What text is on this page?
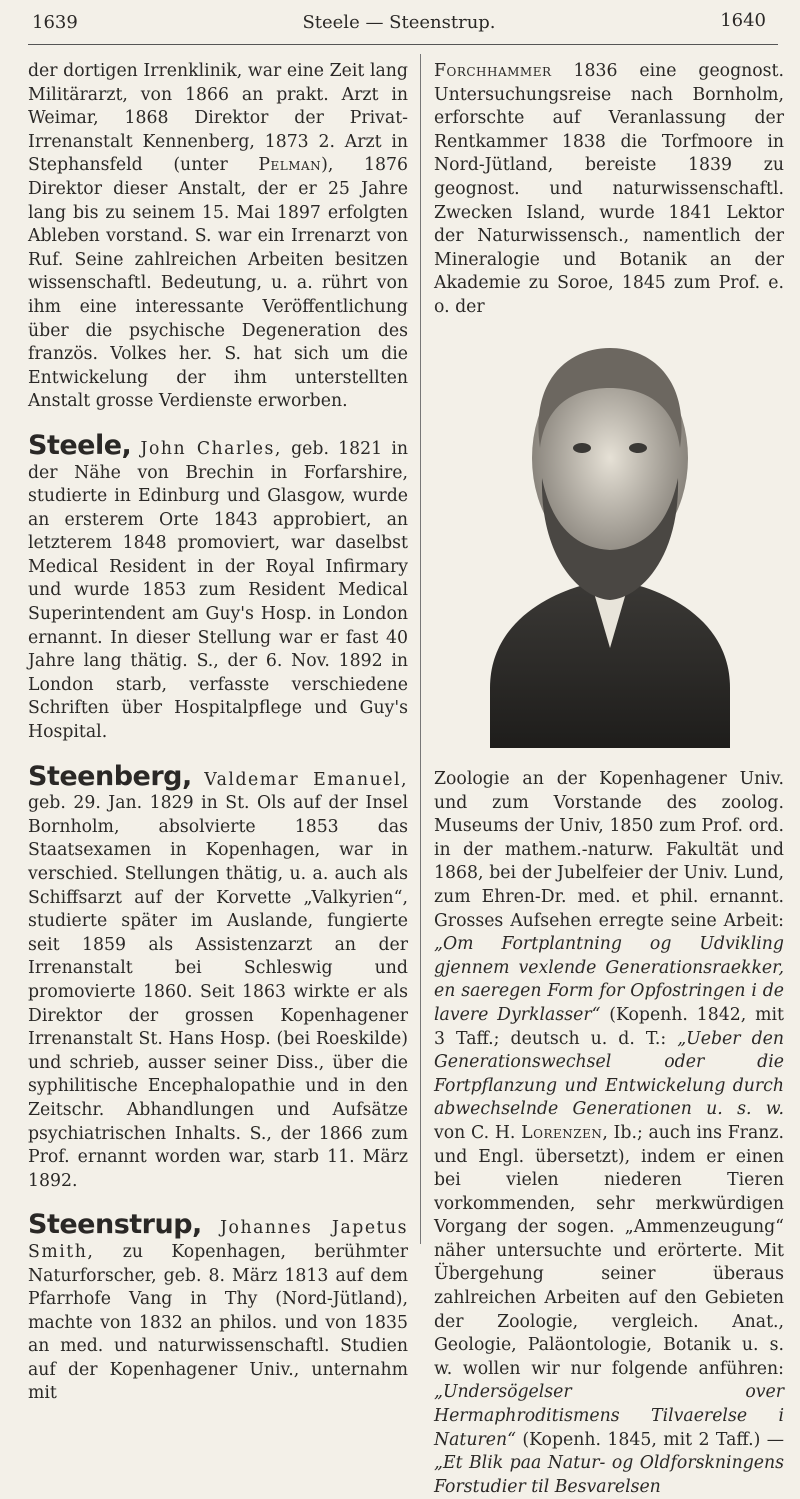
1639	Steele — Steenstrup.	1640

der dortigen Irrenklinik, war eine Zeit lang Militärarzt, von 1866 an prakt. Arzt in Weimar, 1868 Direktor der Privat-Irrenanstalt Kennenberg, 1873 2. Arzt in Stephansfeld (unter Pelman), 1876 Direktor dieser Anstalt, der er 25 Jahre lang bis zu seinem 15. Mai 1897 erfolgten Ableben vorstand. S. war ein Irrenarzt von Ruf. Seine zahlreichen Arbeiten besitzen wissenschaftl. Bedeutung, u. a. rührt von ihm eine interessante Veröffentlichung über die psychische Degeneration des französ. Volkes her. S. hat sich um die Entwickelung der ihm unterstellten Anstalt grosse Verdienste erworben.

Steele, John Charles, geb. 1821 in der Nähe von Brechin in Forfarshire, studierte in Edinburg und Glasgow, wurde an ersterem Orte 1843 approbiert, an letzterem 1848 promoviert, war daselbst Medical Resident in der Royal Infirmary und wurde 1853 zum Resident Medical Superintendent am Guy's Hosp. in London ernannt. In dieser Stellung war er fast 40 Jahre lang thätig. S., der 6. Nov. 1892 in London starb, verfasste verschiedene Schriften über Hospitalpflege und Guy's Hospital.

Steenberg, Valdemar Emanuel, geb. 29. Jan. 1829 in St. Ols auf der Insel Bornholm, absolvierte 1853 das Staatsexamen in Kopenhagen, war in verschied. Stellungen thätig, u. a. auch als Schiffsarzt auf der Korvette „Valkyrien“, studierte später im Auslande, fungierte seit 1859 als Assistenzarzt an der Irrenanstalt bei Schleswig und promovierte 1860. Seit 1863 wirkte er als Direktor der grossen Kopenhagener Irrenanstalt St. Hans Hosp. (bei Roeskilde) und schrieb, ausser seiner Diss., über die syphilitische Encephalopathie und in den Zeitschr. Abhandlungen und Aufsätze psychiatrischen Inhalts. S., der 1866 zum Prof. ernannt worden war, starb 11. März 1892.

Steenstrup, Johannes Japetus Smith, zu Kopenhagen, berühmter Naturforscher, geb. 8. März 1813 auf dem Pfarrhofe Vang in Thy (Nord-Jütland), machte von 1832 an philos. und von 1835 an med. und naturwissenschaftl. Studien auf der Kopenhagener Univ., unternahm mit

Forchhammer 1836 eine geognost. Untersuchungsreise nach Bornholm, erforschte auf Veranlassung der Rentkammer 1838 die Torfmoore in Nord-Jütland, bereiste 1839 zu geognost. und naturwissenschaftl. Zwecken Island, wurde 1841 Lektor der Naturwissensch., namentlich der Mineralogie und Botanik an der Akademie zu Soroe, 1845 zum Prof. e. o. der

Zoologie an der Kopenhagener Univ. und zum Vorstande des zoolog. Museums der Univ, 1850 zum Prof. ord. in der mathem.-naturw. Fakultät und 1868, bei der Jubelfeier der Univ. Lund, zum Ehren-Dr. med. et phil. ernannt. Grosses Aufsehen erregte seine Arbeit: „Om Fortplantning og Udvikling gjennem vexlende Generationsraekker, en saeregen Form for Opfostringen i de lavere Dyrklasser“ (Kopenh. 1842, mit 3 Taff.; deutsch u. d. T.: „Ueber den Generationswechsel oder die Fortpflanzung und Entwickelung durch abwechselnde Generationen u. s. w. von C. H. Lorenzen, Ib.; auch ins Franz. und Engl. übersetzt), indem er einen bei vielen niederen Tieren vorkommenden, sehr merkwürdigen Vorgang der sogen. „Ammenzeugung“ näher untersuchte und erörterte. Mit Übergehung seiner überaus zahlreichen Arbeiten auf den Gebieten der Zoologie, vergleich. Anat., Geologie, Paläontologie, Botanik u. s. w. wollen wir nur folgende anführen: „Undersögelser over Hermaphroditismens Tilvaerelse i Naturen“ (Kopenh. 1845, mit 2 Taff.) — „Et Blik paa Natur- og Oldforskningens Forstudier til Besvarelsen
